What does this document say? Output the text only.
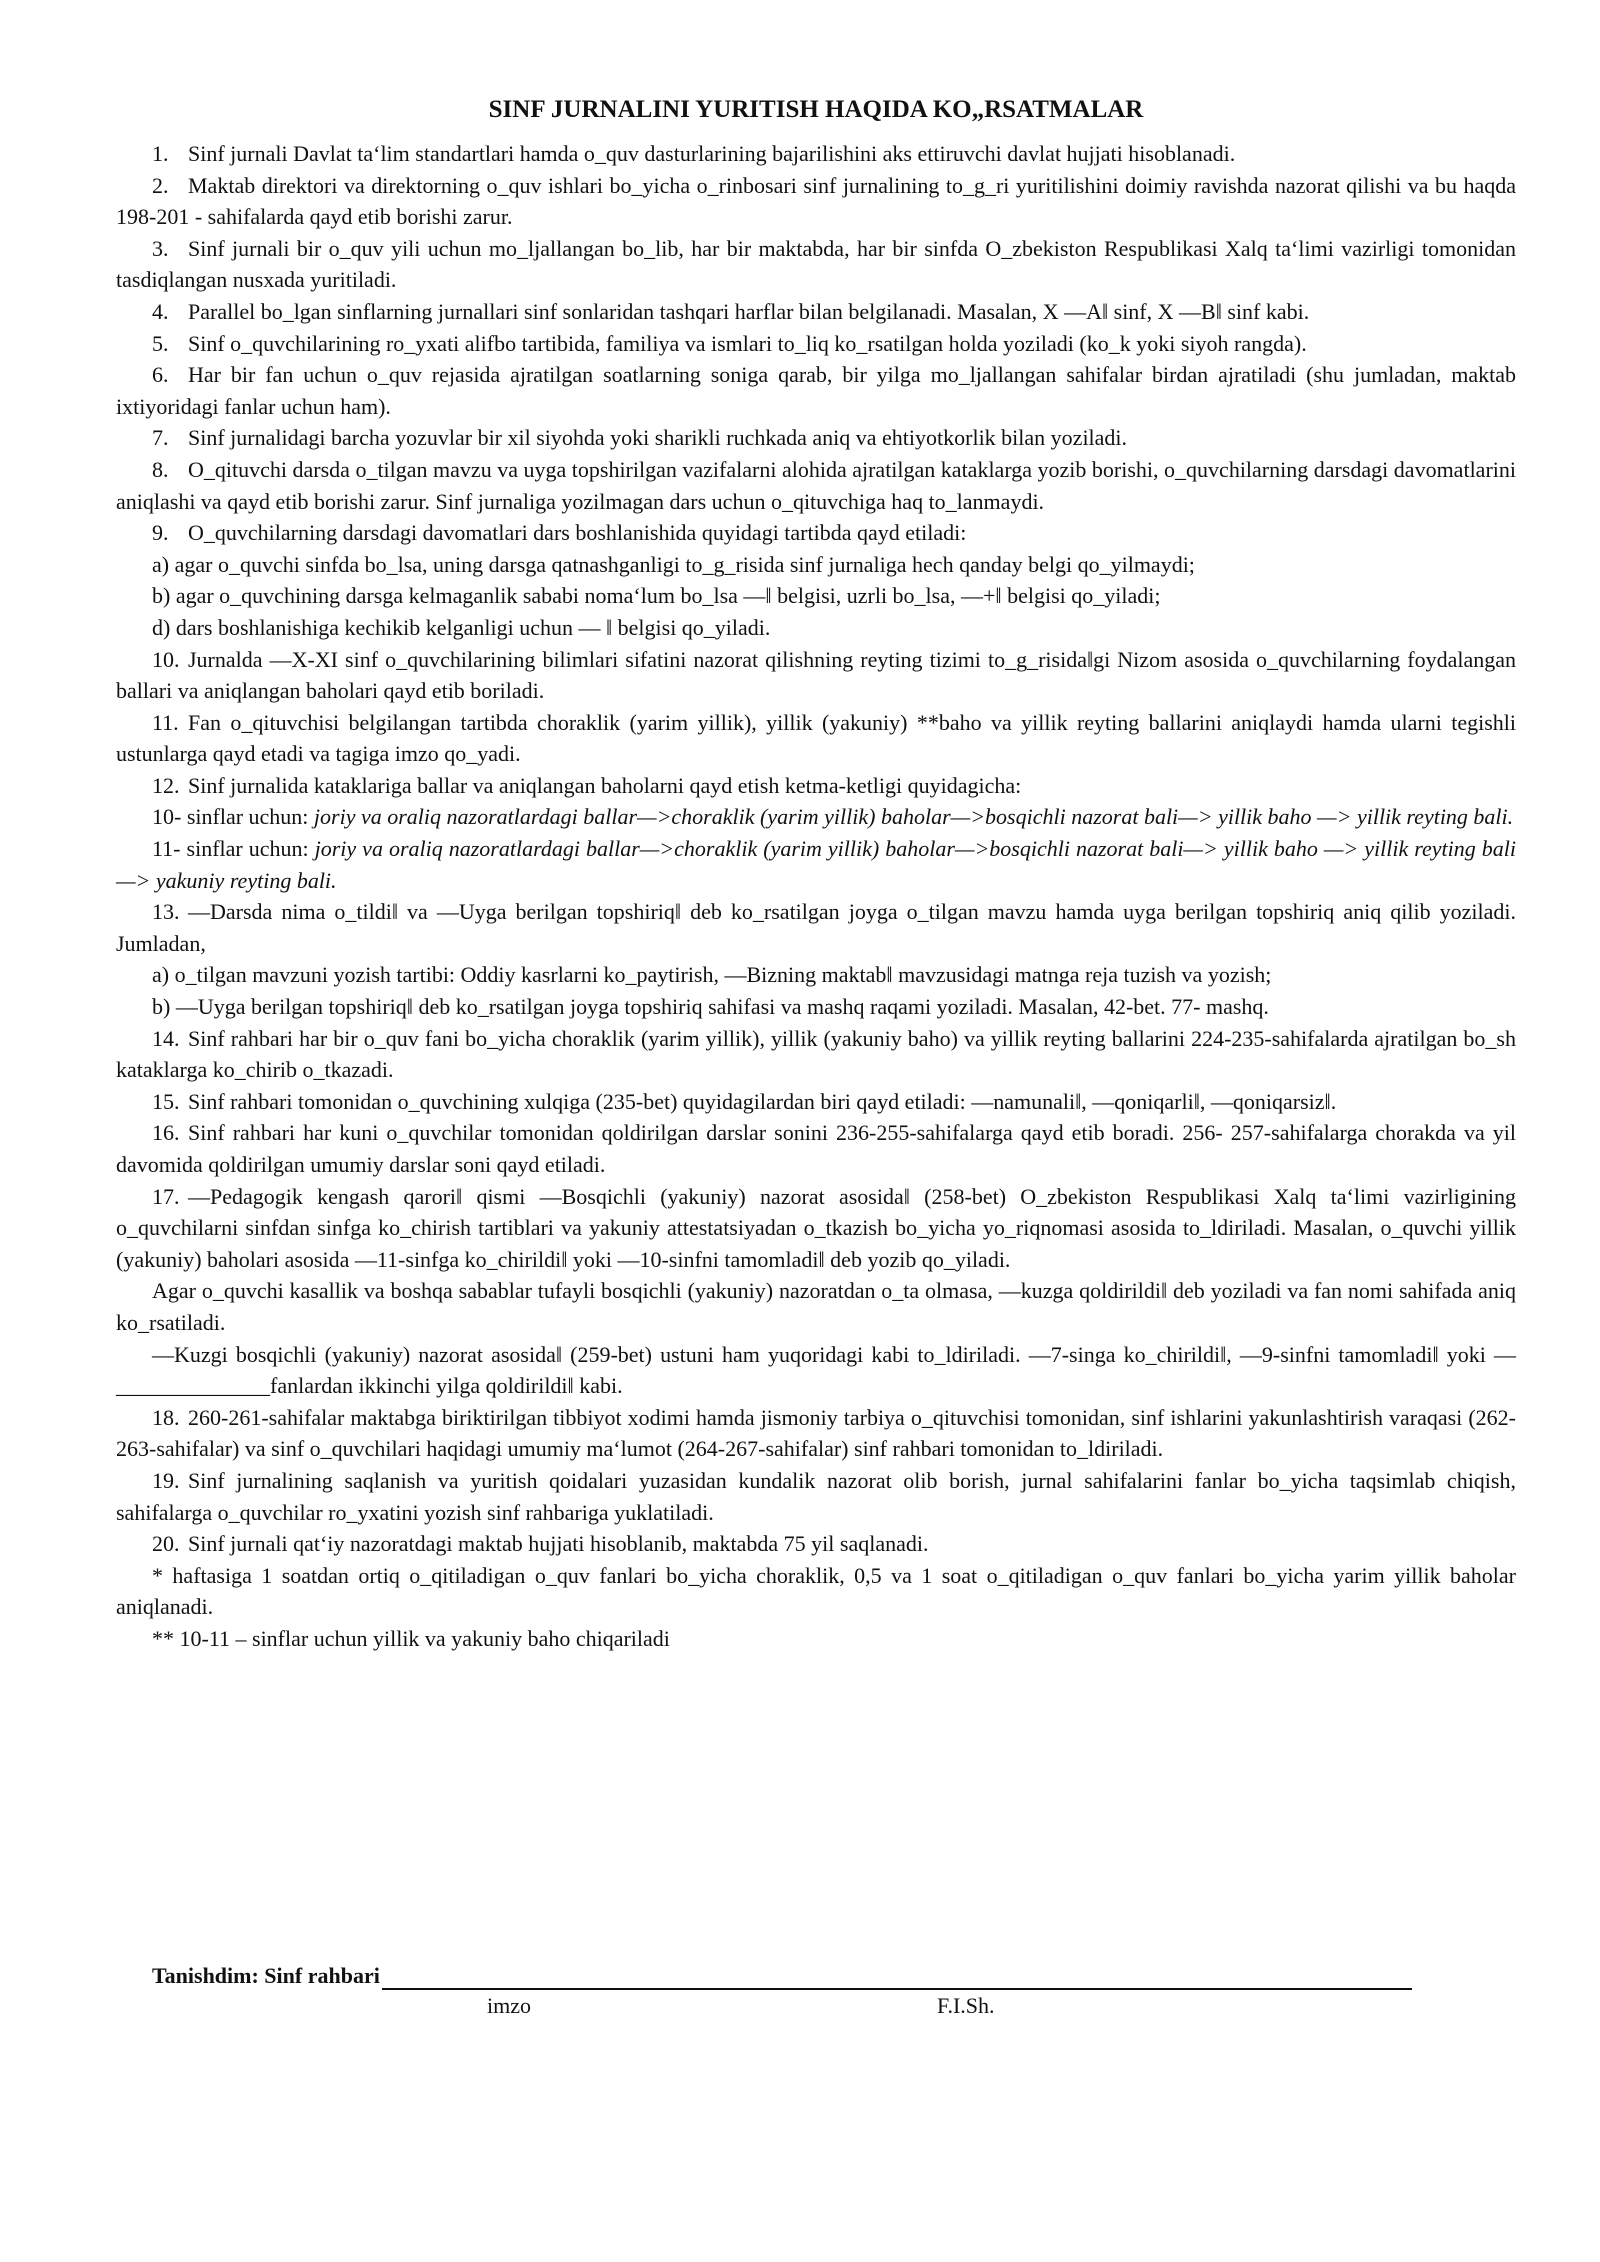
SINF JURNALINI YURITISH HAQIDA KO„RSATMALAR

1. Sinf jurnali Davlat ta‘lim standartlari hamda o_quv dasturlarining bajarilishini aks ettiruvchi davlat hujjati hisoblanadi.

2. Maktab direktori va direktorning o_quv ishlari bo_yicha o_rinbosari sinf jurnalining to_g_ri yuritilishini doimiy ravishda nazorat qilishi va bu haqda 198-201 - sahifalarda qayd etib borishi zarur.

3. Sinf jurnali bir o_quv yili uchun mo_ljallangan bo_lib, har bir maktabda, har bir sinfda O_zbekiston Respublikasi Xalq ta‘limi vazirligi tomonidan tasdiqlangan nusxada yuritiladi.

4. Parallel bo_lgan sinflarning jurnallari sinf sonlaridan tashqari harflar bilan belgilanadi. Masalan, X ―A‖ sinf, X ―B‖ sinf kabi.

5. Sinf o_quvchilarining ro_yxati alifbo tartibida, familiya va ismlari to_liq ko_rsatilgan holda yoziladi (ko_k yoki siyoh rangda).

6. Har bir fan uchun o_quv rejasida ajratilgan soatlarning soniga qarab, bir yilga mo_ljallangan sahifalar birdan ajratiladi (shu jumladan, maktab ixtiyoridagi fanlar uchun ham).

7. Sinf jurnalidagi barcha yozuvlar bir xil siyohda yoki sharikli ruchkada aniq va ehtiyotkorlik bilan yoziladi.

8. O_qituvchi darsda o_tilgan mavzu va uyga topshirilgan vazifalarni alohida ajratilgan kataklarga yozib borishi, o_quvchilarning darsdagi davomatlarini aniqlashi va qayd etib borishi zarur. Sinf jurnaliga yozilmagan dars uchun o_qituvchiga haq to_lanmaydi.

9. O_quvchilarning darsdagi davomatlari dars boshlanishida quyidagi tartibda qayd etiladi:

a) agar o_quvchi sinfda bo_lsa, uning darsga qatnashganligi to_g_risida sinf jurnaliga hech qanday belgi qo_yilmaydi;

b) agar o_quvchining darsga kelmaganlik sababi noma‘lum bo_lsa ―‖ belgisi, uzrli bo_lsa, ―+‖ belgisi qo_yiladi;

d) dars boshlanishiga kechikib kelganligi uchun ― ‖ belgisi qo_yiladi.

10. Jurnalda ―X-XI sinf o_quvchilarining bilimlari sifatini nazorat qilishning reyting tizimi to_g_risida‖gi Nizom asosida o_quvchilarning foydalangan ballari va aniqlangan baholari qayd etib boriladi.

11. Fan o_qituvchisi belgilangan tartibda choraklik (yarim yillik), yillik (yakuniy) **baho va yillik reyting ballarini aniqlaydi hamda ularni tegishli ustunlarga qayd etadi va tagiga imzo qo_yadi.

12. Sinf jurnalida kataklariga ballar va aniqlangan baholarni qayd etish ketma-ketligi quyidagicha:

10- sinflar uchun: joriy va oraliq nazoratlardagi ballar—>choraklik (yarim yillik) baholar—>bosqichli nazorat bali—> yillik baho —> yillik reyting bali.

11- sinflar uchun: joriy va oraliq nazoratlardagi ballar—>choraklik (yarim yillik) baholar—>bosqichli nazorat bali—> yillik baho —> yillik reyting bali —> yakuniy reyting bali.

13. ―Darsda nima o_tildi‖ va ―Uyga berilgan topshiriq‖ deb ko_rsatilgan joyga o_tilgan mavzu hamda uyga berilgan topshiriq aniq qilib yoziladi. Jumladan,

a) o_tilgan mavzuni yozish tartibi: Oddiy kasrlarni ko_paytirish, ―Bizning maktab‖ mavzusidagi matnga reja tuzish va yozish;

b) ―Uyga berilgan topshiriq‖ deb ko_rsatilgan joyga topshiriq sahifasi va mashq raqami yoziladi. Masalan, 42-bet. 77- mashq.

14. Sinf rahbari har bir o_quv fani bo_yicha choraklik (yarim yillik), yillik (yakuniy baho) va yillik reyting ballarini 224-235-sahifalarda ajratilgan bo_sh kataklarga ko_chirib o_tkazadi.

15. Sinf rahbari tomonidan o_quvchining xulqiga (235-bet) quyidagilardan biri qayd etiladi: ―namunali‖, ―qoniqarli‖, ―qoniqarsiz‖.

16. Sinf rahbari har kuni o_quvchilar tomonidan qoldirilgan darslar sonini 236-255-sahifalarga qayd etib boradi. 256- 257-sahifalarga chorakda va yil davomida qoldirilgan umumiy darslar soni qayd etiladi.

17. ―Pedagogik kengash qarori‖ qismi ―Bosqichli (yakuniy) nazorat asosida‖ (258-bet) O_zbekiston Respublikasi Xalq ta‘limi vazirligining o_quvchilarni sinfdan sinfga ko_chirish tartiblari va yakuniy attestatsiyadan o_tkazish bo_yicha yo_riqnomasi asosida to_ldiriladi. Masalan, o_quvchi yillik (yakuniy) baholari asosida ―11-sinfga ko_chirildi‖ yoki ―10-sinfni tamomladi‖ deb yozib qo_yiladi.

Agar o_quvchi kasallik va boshqa sabablar tufayli bosqichli (yakuniy) nazoratdan o_ta olmasa, ―kuzga qoldirildi‖ deb yoziladi va fan nomi sahifada aniq ko_rsatiladi.

―Kuzgi bosqichli (yakuniy) nazorat asosida‖ (259-bet) ustuni ham yuqoridagi kabi to_ldiriladi. ―7-singa ko_chirildi‖, ―9-sinfni tamomladi‖ yoki ― ______________fanlardan ikkinchi yilga qoldirildi‖ kabi.

18. 260-261-sahifalar maktabga biriktirilgan tibbiyot xodimi hamda jismoniy tarbiya o_qituvchisi tomonidan, sinf ishlarini yakunlashtirish varaqasi (262-263-sahifalar) va sinf o_quvchilari haqidagi umumiy ma‘lumot (264-267-sahifalar) sinf rahbari tomonidan to_ldiriladi.

19. Sinf jurnalining saqlanish va yuritish qoidalari yuzasidan kundalik nazorat olib borish, jurnal sahifalarini fanlar bo_yicha taqsimlab chiqish, sahifalarga o_quvchilar ro_yxatini yozish sinf rahbariga yuklatiladi.

20. Sinf jurnali qat‘iy nazoratdagi maktab hujjati hisoblanib, maktabda 75 yil saqlanadi.

* haftasiga 1 soatdan ortiq o_qitiladigan o_quv fanlari bo_yicha choraklik, 0,5 va 1 soat o_qitiladigan o_quv fanlari bo_yicha yarim yillik baholar aniqlanadi.

** 10-11 – sinflar uchun yillik va yakuniy baho chiqariladi

Tanishdim: Sinf rahbari
imzo	F.I.Sh.
